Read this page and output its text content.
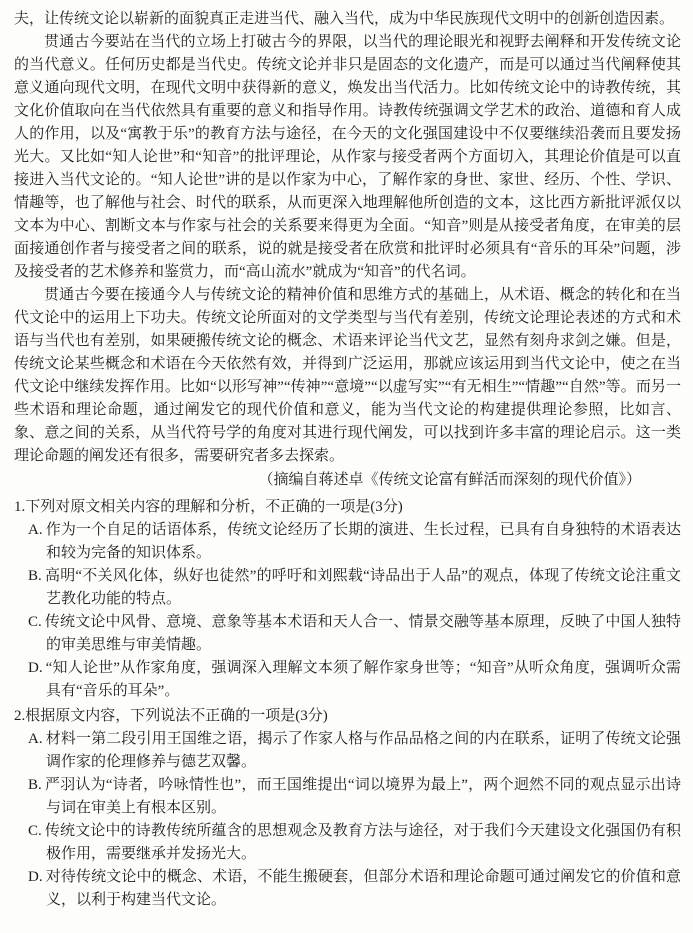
夫，让传统文论以崭新的面貌真正走进当代、融入当代，成为中华民族现代文明中的创新创造因素。

贯通古今要站在当代的立场上打破古今的界限，以当代的理论眼光和视野去阐释和开发传统文论的当代意义。任何历史都是当代史。传统文论并非只是固态的文化遗产，而是可以通过当代阐释使其意义通向现代文明，在现代文明中获得新的意义，焕发出当代活力。比如传统文论中的诗教传统，其文化价值取向在当代依然具有重要的意义和指导作用。诗教传统强调文学艺术的政治、道德和育人成人的作用，以及“寓教于乐”的教育方法与途径，在今天的文化强国建设中不仅要继续沿袭而且要发扬光大。又比如“知人论世”和“知音”的批评理论，从作家与接受者两个方面切入，其理论价值是可以直接进入当代文论的。“知人论世”讲的是以作家为中心，了解作家的身世、家世、经历、个性、学识、情趣等，也了解他与社会、时代的联系，从而更深入地理解他所创造的文本，这比西方新批评派仅以文本为中心、割断文本与作家与社会的关系要来得更为全面。“知音”则是从接受者角度，在审美的层面接通创作者与接受者之间的联系，说的就是接受者在欣赏和批评时必须具有“音乐的耳朵”问题，涉及接受者的艺术修养和鉴赏力，而“高山流水”就成为“知音”的代名词。

贯通古今要在接通今人与传统文论的精神价值和思维方式的基础上，从术语、概念的转化和在当代文论中的运用上下功夫。传统文论所面对的文学类型与当代有差别，传统文论理论表述的方式和术语与当代也有差别，如果硬搬传统文论的概念、术语来评论当代文艺，显然有刻舟求剑之嫌。但是，传统文论某些概念和术语在今天依然有效，并得到广泛运用，那就应该运用到当代文论中，使之在当代文论中继续发挥作用。比如“以形写神”“传神”“意境”“以虚写实”“有无相生”“情趣”“自然”等。而另一些术语和理论命题，通过阐发它的现代价值和意义，能为当代文论的构建提供理论参照，比如言、象、意之间的关系，从当代符号学的角度对其进行现代阐发，可以找到许多丰富的理论启示。这一类理论命题的阐发还有很多，需要研究者多去探索。

（摘编自蒋述卓《传统文论富有鲜活而深刻的现代价值》）

1.下列对原文相关内容的理解和分析，不正确的一项是(3分)

A. 作为一个自足的话语体系，传统文论经历了长期的演进、生长过程，已具有自身独特的术语表达和较为完备的知识体系。

B. 高明“不关风化体，纵好也徒然”的呼吁和刘熙载“诗品出于人品”的观点，体现了传统文论注重文艺教化功能的特点。

C. 传统文论中风骨、意境、意象等基本术语和天人合一、情景交融等基本原理，反映了中国人独特的审美思维与审美情趣。

D. “知人论世”从作家角度，强调深入理解文本须了解作家身世等；“知音”从听众角度，强调听众需具有“音乐的耳朵”。

2.根据原文内容，下列说法不正确的一项是(3分)

A. 材料一第二段引用王国维之语，揭示了作家人格与作品品格之间的内在联系，证明了传统文论强调作家的伦理修养与德艺双馨。

B. 严羽认为“诗者，吟咏情性也”，而王国维提出“词以境界为最上”，两个迥然不同的观点显示出诗与词在审美上有根本区别。

C. 传统文论中的诗教传统所蕴含的思想观念及教育方法与途径，对于我们今天建设文化强国仍有积极作用，需要继承并发扬光大。

D. 对待传统文论中的概念、术语，不能生搬硬套，但部分术语和理论命题可通过阐发它的价值和意义，以利于构建当代文论。
